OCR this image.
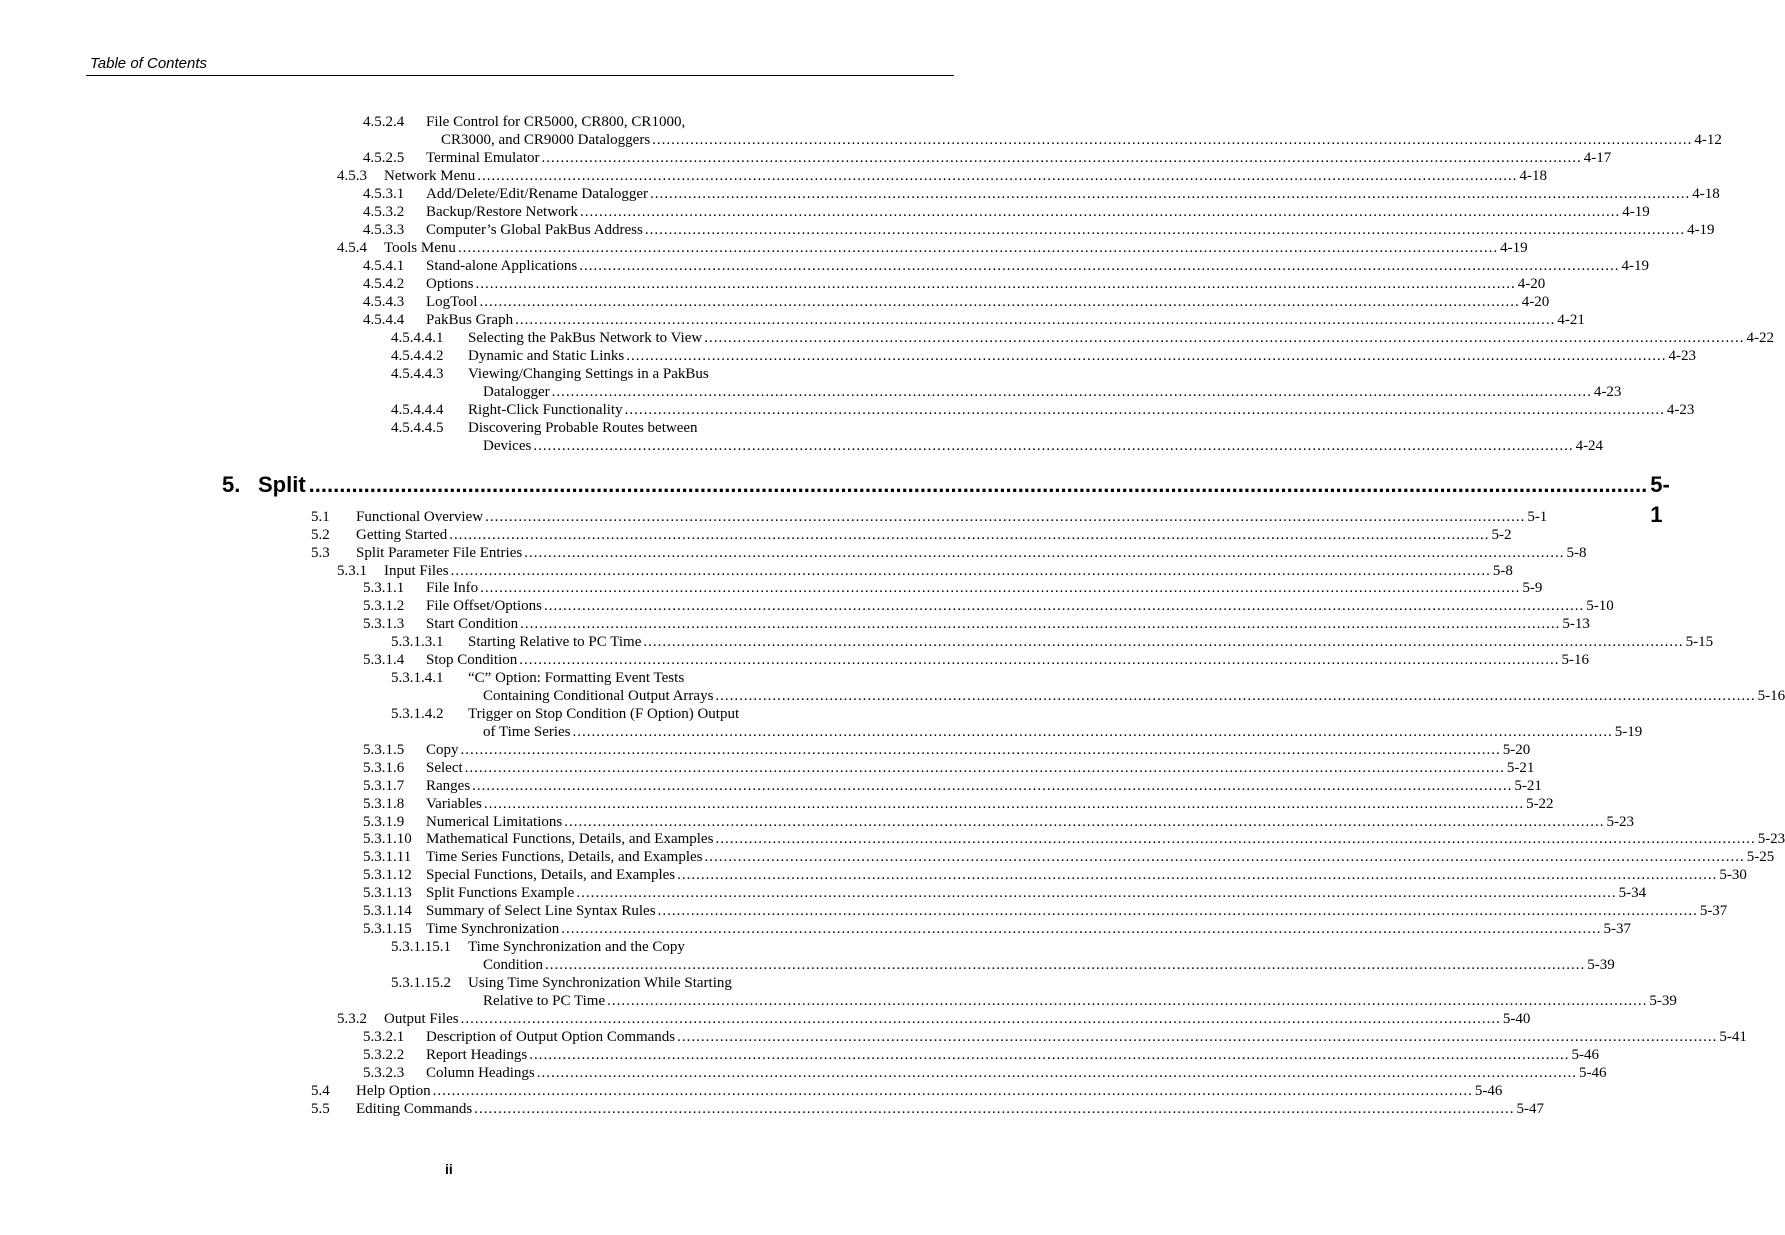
Table of Contents
5. Split ........................................................................................................................................................................................................................... 5-1
4.5.2.4 File Control for CR5000, CR800, CR1000,
CR3000, and CR9000 Dataloggers ........................................................................................................................................................................................................................... 4-12
4.5.2.5 Terminal Emulator ........................................................................................................................................................................................................................... 4-17
4.5.3 Network Menu ........................................................................................................................................................................................................................... 4-18
4.5.3.1 Add/Delete/Edit/Rename Datalogger ........................................................................................................................................................................................................................... 4-18
4.5.3.2 Backup/Restore Network ........................................................................................................................................................................................................................... 4-19
4.5.3.3 Computer’s Global PakBus Address ........................................................................................................................................................................................................................... 4-19
4.5.4 Tools Menu ........................................................................................................................................................................................................................... 4-19
4.5.4.1 Stand-alone Applications ........................................................................................................................................................................................................................... 4-19
4.5.4.2 Options ........................................................................................................................................................................................................................... 4-20
4.5.4.3 LogTool ........................................................................................................................................................................................................................... 4-20
4.5.4.4 PakBus Graph ........................................................................................................................................................................................................................... 4-21
4.5.4.4.1 Selecting the PakBus Network to View ........................................................................................................................................................................................................................... 4-22
4.5.4.4.2 Dynamic and Static Links ........................................................................................................................................................................................................................... 4-23
4.5.4.4.3 Viewing/Changing Settings in a PakBus
Datalogger ........................................................................................................................................................................................................................... 4-23
4.5.4.4.4 Right-Click Functionality ........................................................................................................................................................................................................................... 4-23
4.5.4.4.5 Discovering Probable Routes between
Devices ........................................................................................................................................................................................................................... 4-24
5.1 Functional Overview ........................................................................................................................................................................................................................... 5-1
5.2 Getting Started ........................................................................................................................................................................................................................... 5-2
5.3 Split Parameter File Entries ........................................................................................................................................................................................................................... 5-8
5.3.1 Input Files ........................................................................................................................................................................................................................... 5-8
5.3.1.1 File Info ........................................................................................................................................................................................................................... 5-9
5.3.1.2 File Offset/Options ........................................................................................................................................................................................................................... 5-10
5.3.1.3 Start Condition ........................................................................................................................................................................................................................... 5-13
5.3.1.3.1 Starting Relative to PC Time ........................................................................................................................................................................................................................... 5-15
5.3.1.4 Stop Condition ........................................................................................................................................................................................................................... 5-16
5.3.1.4.1 “C” Option: Formatting Event Tests
Containing Conditional Output Arrays ........................................................................................................................................................................................................................... 5-16
5.3.1.4.2 Trigger on Stop Condition (F Option) Output
of Time Series ........................................................................................................................................................................................................................... 5-19
5.3.1.5 Copy ........................................................................................................................................................................................................................... 5-20
5.3.1.6 Select ........................................................................................................................................................................................................................... 5-21
5.3.1.7 Ranges ........................................................................................................................................................................................................................... 5-21
5.3.1.8 Variables ........................................................................................................................................................................................................................... 5-22
5.3.1.9 Numerical Limitations ........................................................................................................................................................................................................................... 5-23
5.3.1.10 Mathematical Functions, Details, and Examples ........................................................................................................................................................................................................................... 5-23
5.3.1.11 Time Series Functions, Details, and Examples ........................................................................................................................................................................................................................... 5-25
5.3.1.12 Special Functions, Details, and Examples ........................................................................................................................................................................................................................... 5-30
5.3.1.13 Split Functions Example ........................................................................................................................................................................................................................... 5-34
5.3.1.14 Summary of Select Line Syntax Rules ........................................................................................................................................................................................................................... 5-37
5.3.1.15 Time Synchronization ........................................................................................................................................................................................................................... 5-37
5.3.1.15.1 Time Synchronization and the Copy
Condition ........................................................................................................................................................................................................................... 5-39
5.3.1.15.2 Using Time Synchronization While Starting
Relative to PC Time ........................................................................................................................................................................................................................... 5-39
5.3.2 Output Files ........................................................................................................................................................................................................................... 5-40
5.3.2.1 Description of Output Option Commands ........................................................................................................................................................................................................................... 5-41
5.3.2.2 Report Headings ........................................................................................................................................................................................................................... 5-46
5.3.2.3 Column Headings ........................................................................................................................................................................................................................... 5-46
5.4 Help Option ........................................................................................................................................................................................................................... 5-46
5.5 Editing Commands ........................................................................................................................................................................................................................... 5-47
ii
